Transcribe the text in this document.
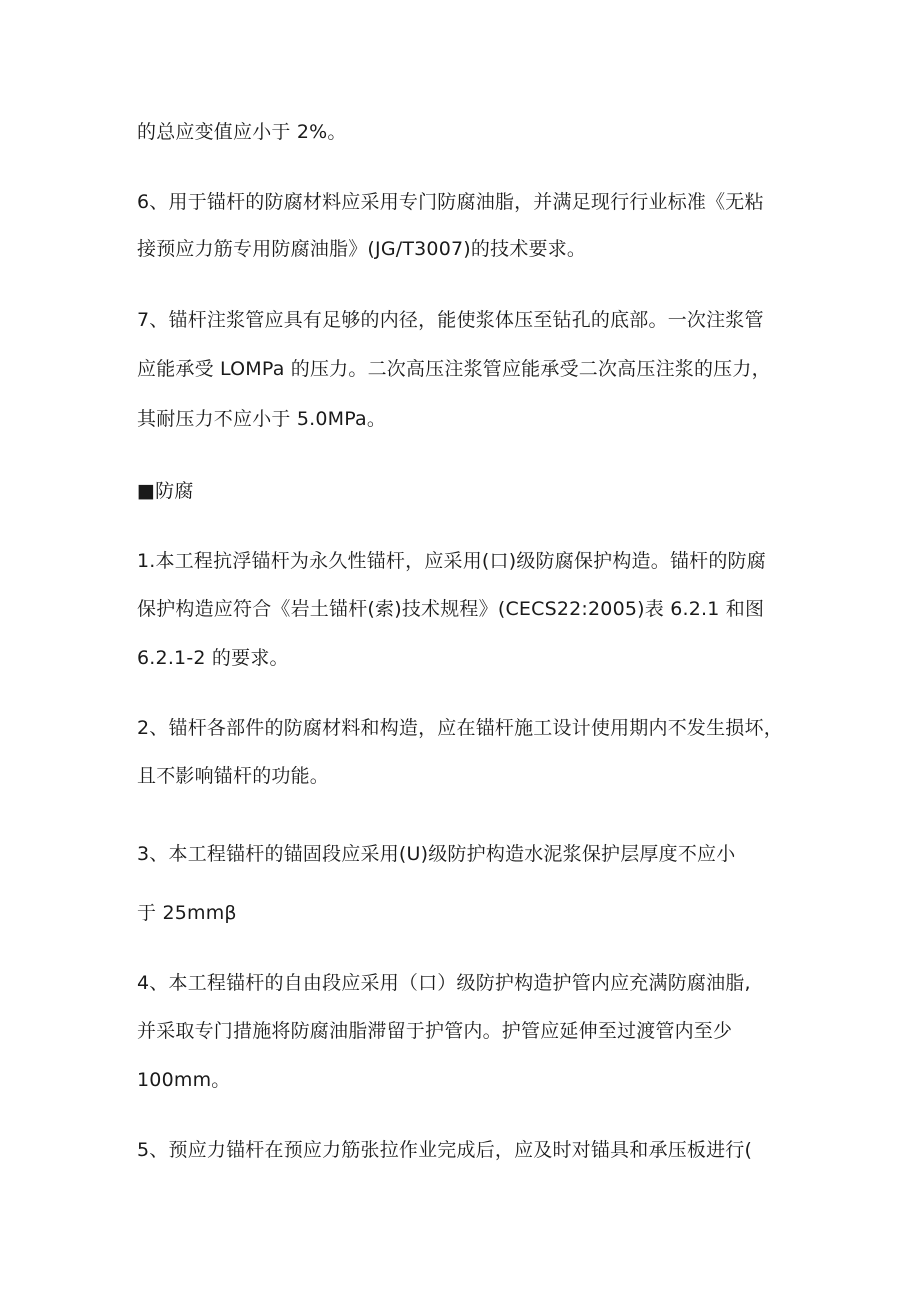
的总应变值应小于 2%。
6、用于锚杆的防腐材料应采用专门防腐油脂，并满足现行行业标准《无粘
接预应力筋专用防腐油脂》(JG/T3007)的技术要求。
7、锚杆注浆管应具有足够的内径，能使浆体压至钻孔的底部。一次注浆管
应能承受 LOMPa 的压力。二次高压注浆管应能承受二次高压注浆的压力，
其耐压力不应小于 5.0MPa。
■防腐
1.本工程抗浮锚杆为永久性锚杆，应采用(口)级防腐保护构造。锚杆的防腐
保护构造应符合《岩土锚杆(索)技术规程》(CECS22:2005)表 6.2.1 和图
6.2.1-2 的要求。
2、锚杆各部件的防腐材料和构造，应在锚杆施工设计使用期内不发生损坏，
且不影响锚杆的功能。
3、本工程锚杆的锚固段应采用(U)级防护构造水泥浆保护层厚度不应小
于 25mmβ
4、本工程锚杆的自由段应采用（口）级防护构造护管内应充满防腐油脂,
并采取专门措施将防腐油脂滞留于护管内。护管应延伸至过渡管内至少
100mm。
5、预应力锚杆在预应力筋张拉作业完成后，应及时对锚具和承压板进行(
